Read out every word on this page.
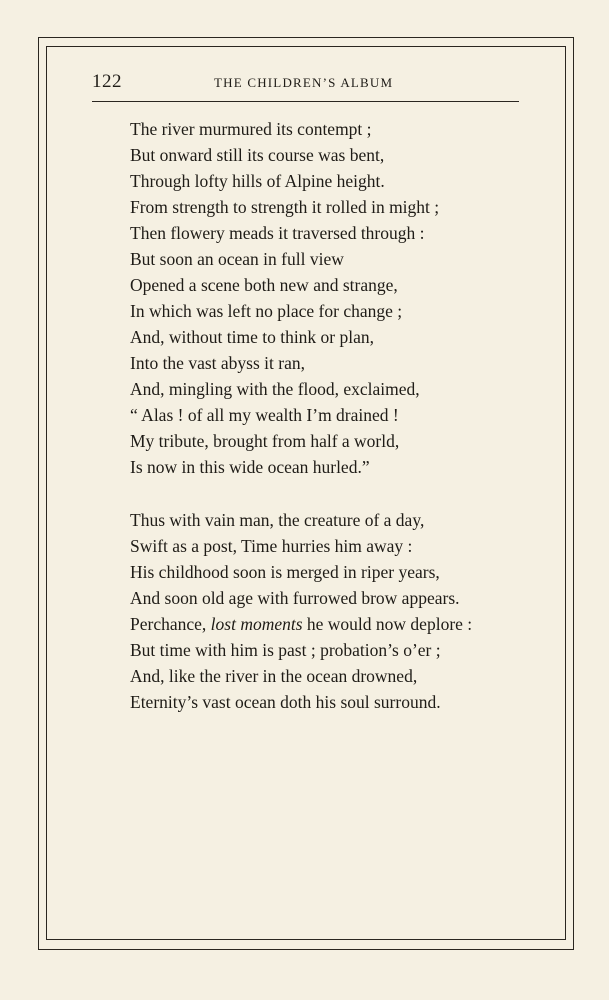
122	THE CHILDREN’S ALBUM
The river murmured its contempt ;
But onward still its course was bent,
Through lofty hills of Alpine height.
From strength to strength it rolled in might ;
Then flowery meads it traversed through :
But soon an ocean in full view
Opened a scene both new and strange,
In which was left no place for change ;
And, without time to think or plan,
Into the vast abyss it ran,
And, mingling with the flood, exclaimed,
“ Alas ! of all my wealth I’m drained !
My tribute, brought from half a world,
Is now in this wide ocean hurled.”
Thus with vain man, the creature of a day,
Swift as a post, Time hurries him away :
His childhood soon is merged in riper years,
And soon old age with furrowed brow appears.
Perchance, lost moments he would now deplore :
But time with him is past ; probation’s o’er ;
And, like the river in the ocean drowned,
Eternity’s vast ocean doth his soul surround.
